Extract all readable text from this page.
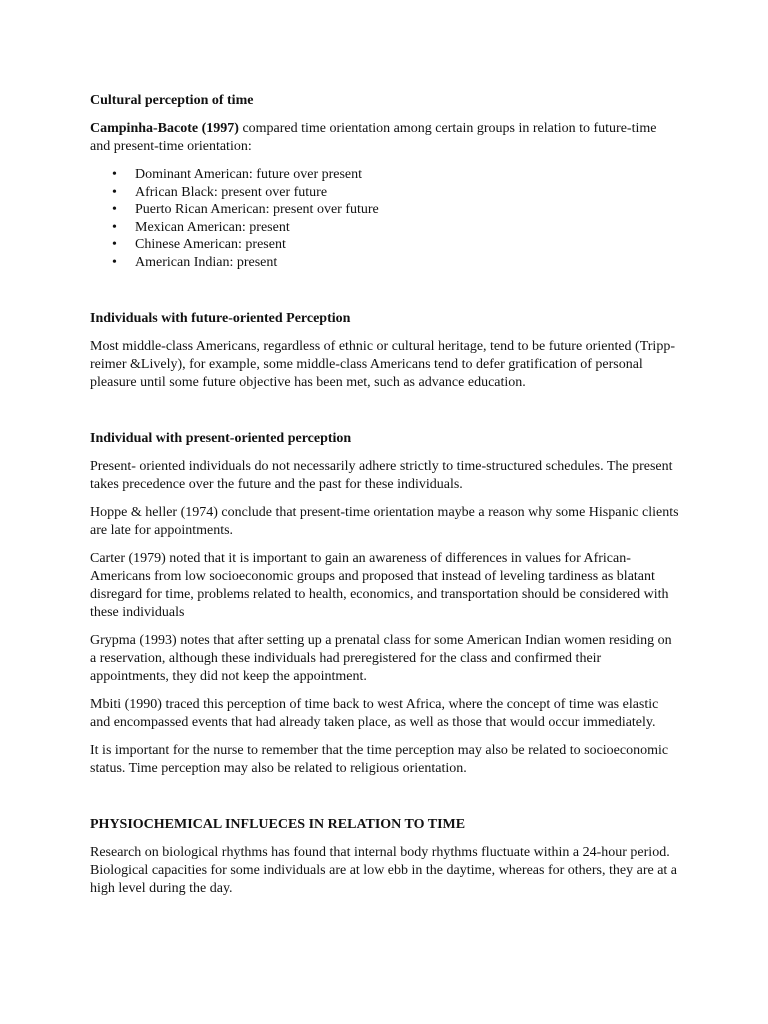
Cultural perception of time
Campinha-Bacote (1997) compared time orientation among certain groups in relation to future-time and present-time orientation:
• Dominant American: future over present
• African Black: present over future
• Puerto Rican American: present over future
• Mexican American: present
• Chinese American: present
• American Indian: present
Individuals with future-oriented Perception
Most middle-class Americans, regardless of ethnic or cultural heritage, tend to be future oriented (Tripp-reimer &Lively), for example, some middle-class Americans tend to defer gratification of personal pleasure until some future objective has been met, such as advance education.
Individual with present-oriented perception
Present- oriented individuals do not necessarily adhere strictly to time-structured schedules. The present takes precedence over the future and the past for these individuals.
Hoppe & heller (1974) conclude that present-time orientation maybe a reason why some Hispanic clients are late for appointments.
Carter (1979) noted that it is important to gain an awareness of differences in values for African-Americans from low socioeconomic groups and proposed that instead of leveling tardiness as blatant disregard for time, problems related to health, economics, and transportation should be considered with these individuals
Grypma (1993) notes that after setting up a prenatal class for some American Indian women residing on a reservation, although these individuals had preregistered for the class and confirmed their appointments, they did not keep the appointment.
Mbiti (1990) traced this perception of time back to west Africa, where the concept of time was elastic and encompassed events that had already taken place, as well as those that would occur immediately.
It is important for the nurse to remember that the time perception may also be related to socioeconomic status. Time perception may also be related to religious orientation.
PHYSIOCHEMICAL INFLUECES IN RELATION TO TIME
Research on biological rhythms has found that internal body rhythms fluctuate within a 24-hour period. Biological capacities for some individuals are at low ebb in the daytime, whereas for others, they are at a high level during the day.
